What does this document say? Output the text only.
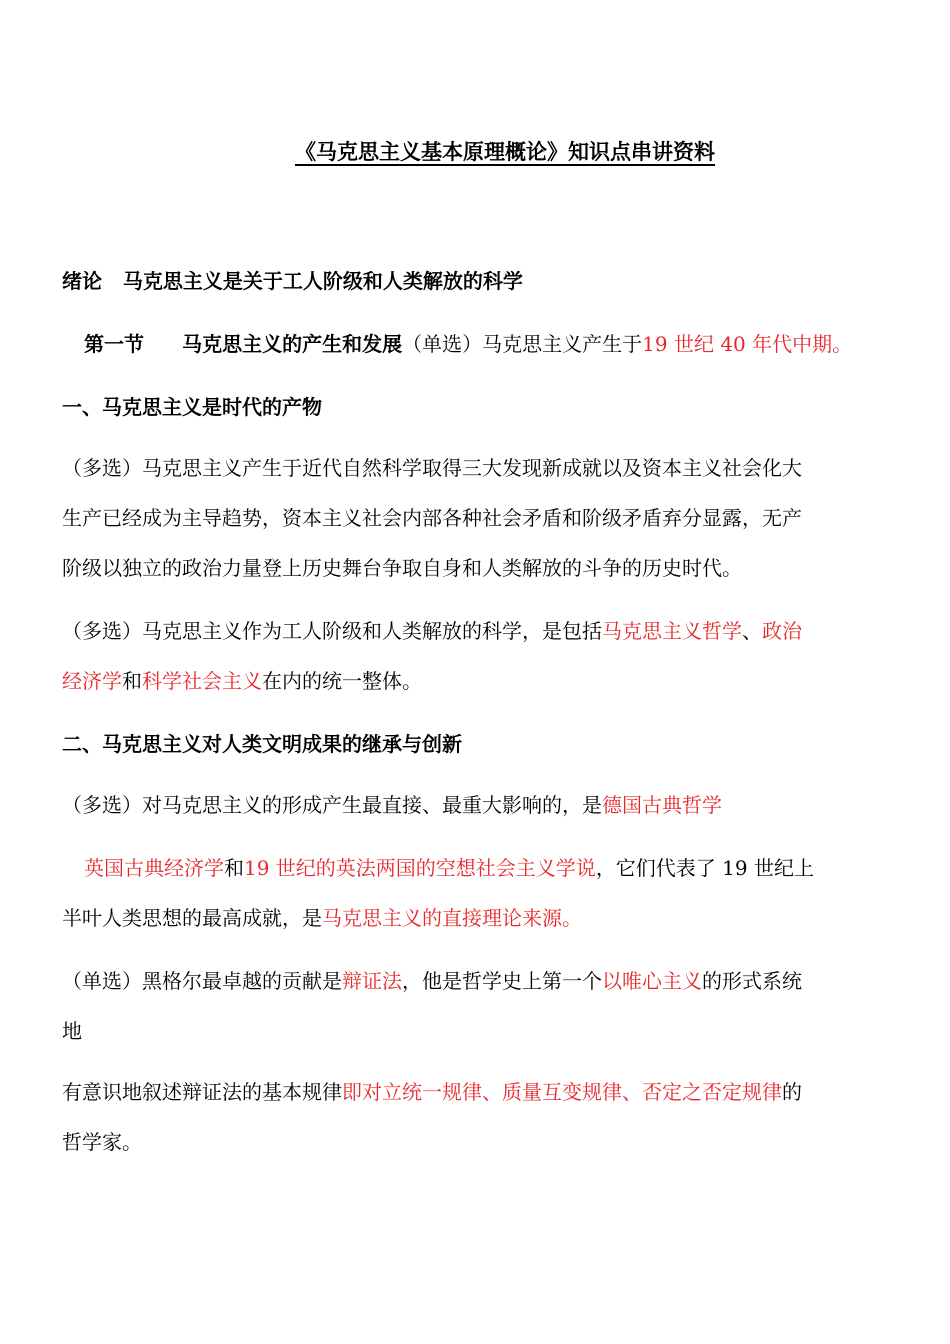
《马克思主义基本原理概论》知识点串讲资料
绪论 马克思主义是关于工人阶级和人类解放的科学
第一节 马克思主义的产生和发展（单选）马克思主义产生于19 世纪 40 年代中期。
一、马克思主义是时代的产物
（多选）马克思主义产生于近代自然科学取得三大发现新成就以及资本主义社会化大
生产已经成为主导趋势，资本主义社会内部各种社会矛盾和阶级矛盾弃分显露，无产
阶级以独立的政治力量登上历史舞台争取自身和人类解放的斗争的历史时代。
（多选）马克思主义作为工人阶级和人类解放的科学，是包括马克思主义哲学、政治
经济学和科学社会主义在内的统一整体。
二、马克思主义对人类文明成果的继承与创新
（多选）对马克思主义的形成产生最直接、最重大影响的，是德国古典哲学
英国古典经济学和19 世纪的英法两国的空想社会主义学说，它们代表了 19 世纪上
半叶人类思想的最高成就，是马克思主义的直接理论来源。
（单选）黑格尔最卓越的贡献是辩证法，他是哲学史上第一个以唯心主义的形式系统
地
有意识地叙述辩证法的基本规律即对立统一规律、质量互变规律、否定之否定规律的
哲学家。
